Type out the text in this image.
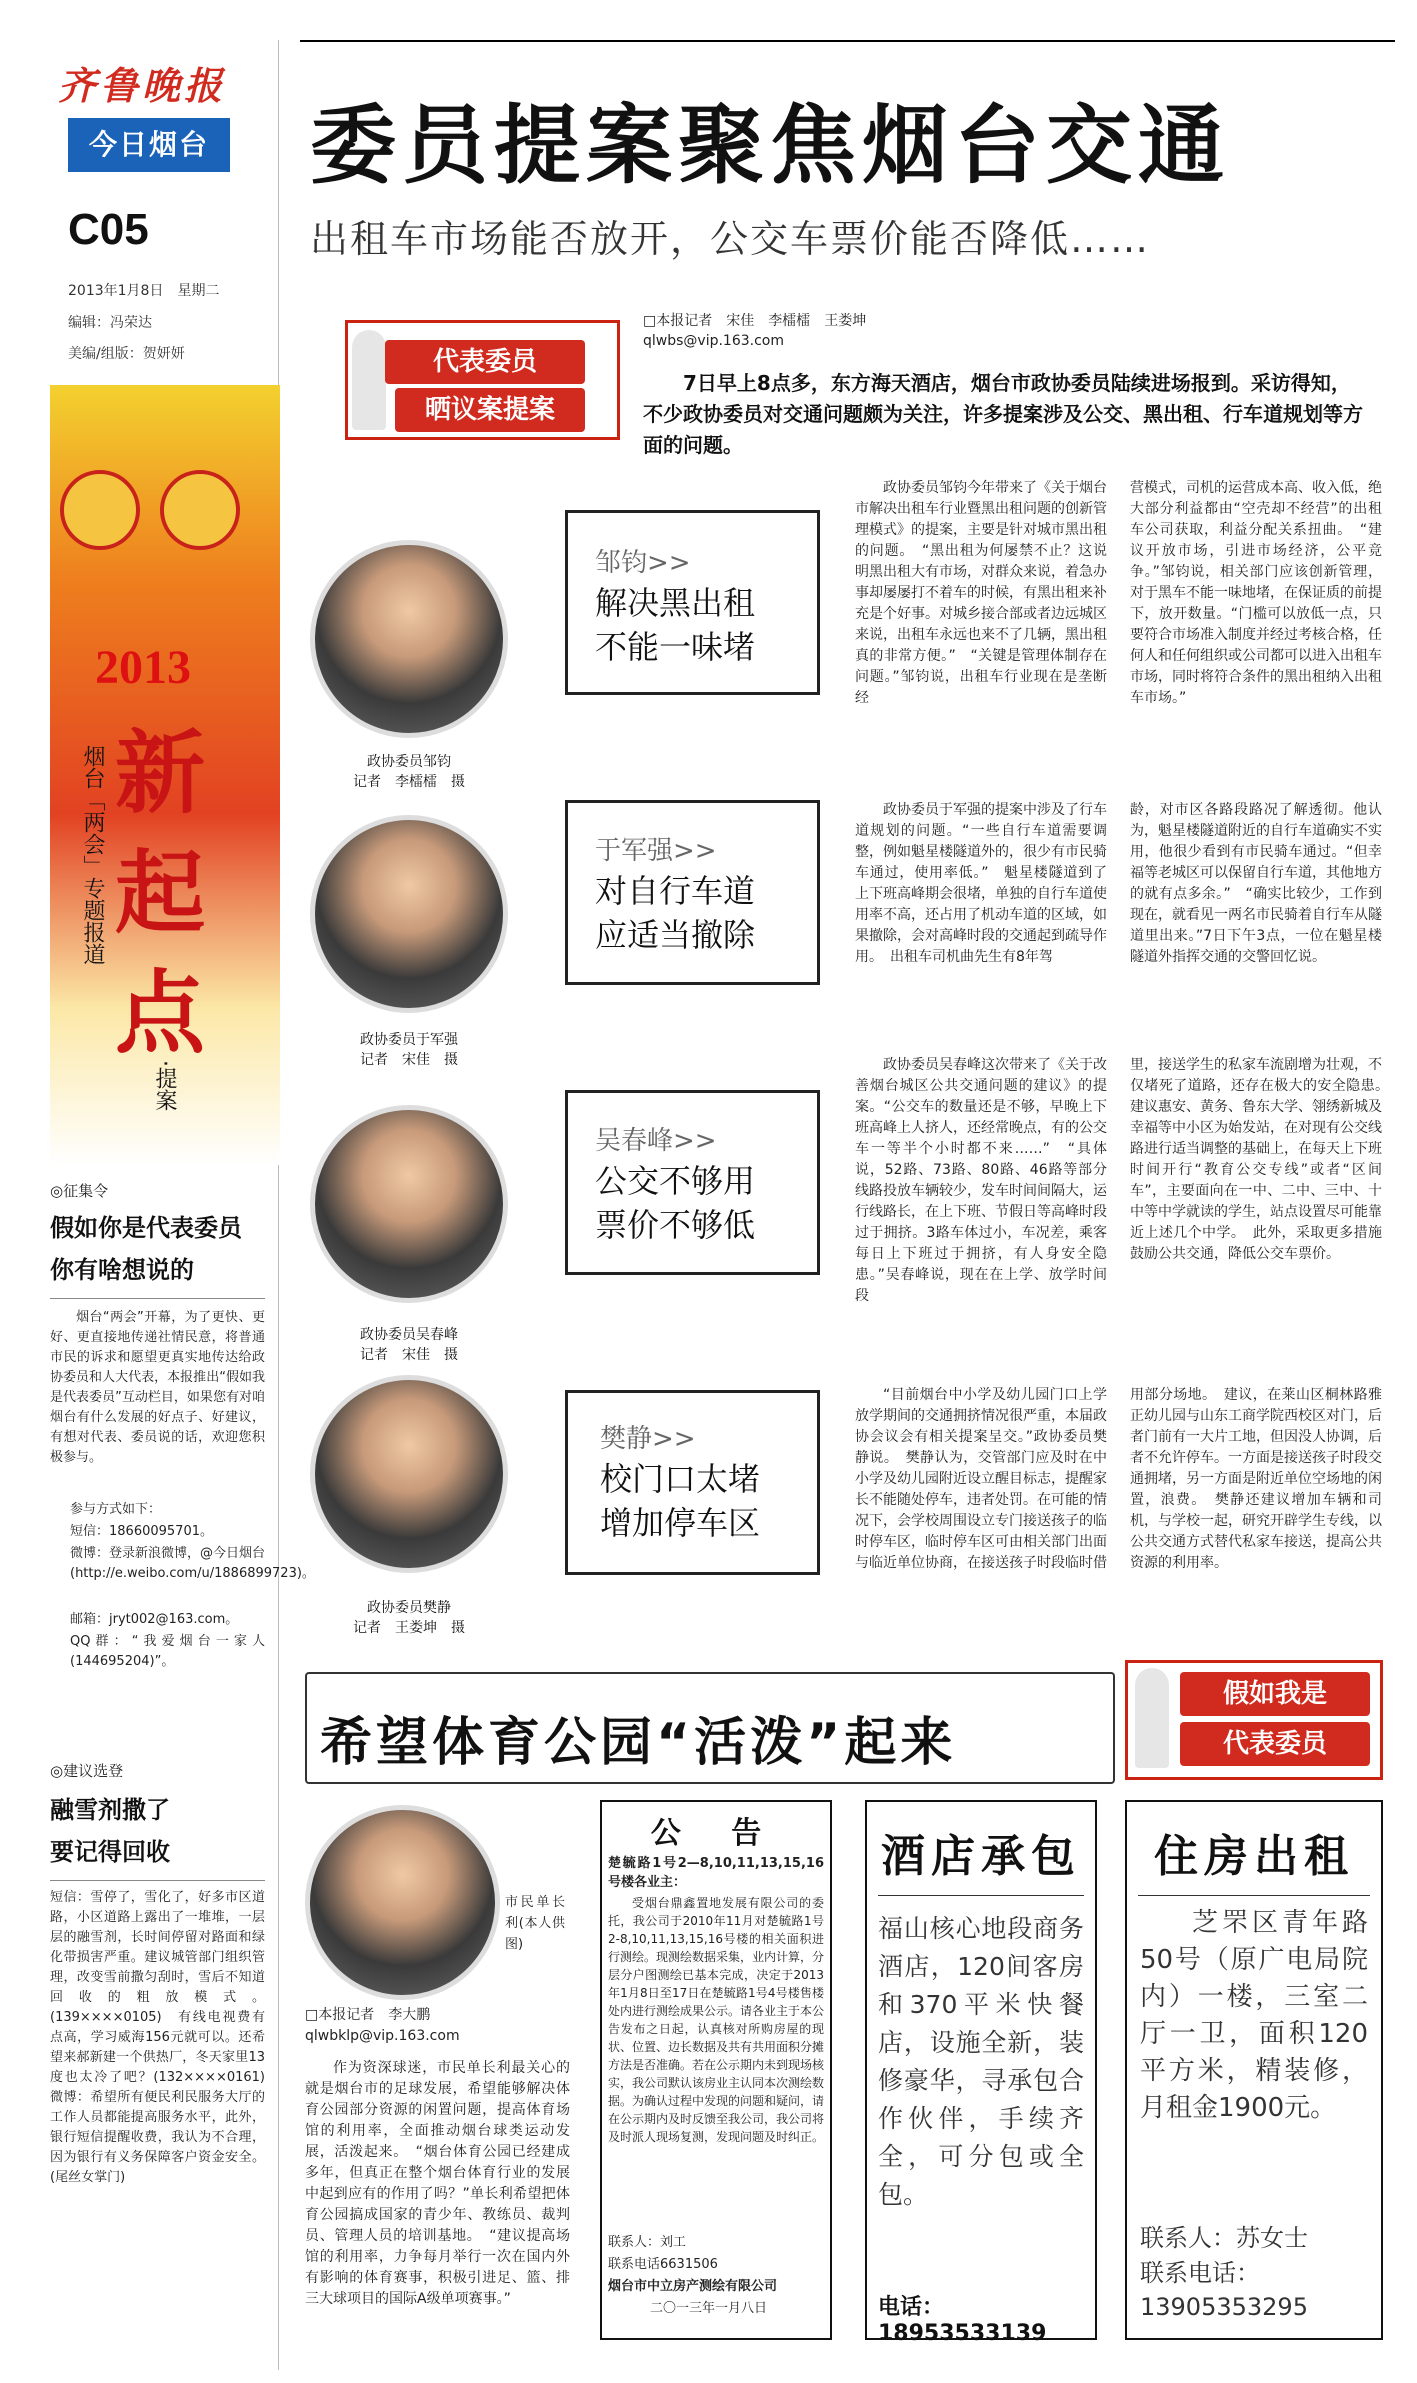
齐鲁晚报
今日烟台
C05
2013年1月8日　星期二
编辑：冯荣达
美编/组版：贺妍妍
委员提案聚焦烟台交通
出租车市场能否放开，公交车票价能否降低……
2013
新
起
点
烟台「两会」专题报道
·提案
◎征集令
假如你是代表委员
你有啥想说的
烟台“两会”开幕，为了更快、更好、更直接地传递社情民意，将普通市民的诉求和愿望更真实地传达给政协委员和人大代表，本报推出“假如我是代表委员”互动栏目，如果您有对咱烟台有什么发展的好点子、好建议，有想对代表、委员说的话，欢迎您积极参与。
参与方式如下：
短信：18660095701。
微博：登录新浪微博，@今日烟台(http://e.weibo.com/u/1886899723)。
邮箱：jryt002@163.com。
QQ群：“我爱烟台一家人(144695204)”。
◎建议选登
融雪剂撒了
要记得回收
短信：雪停了，雪化了，好多市区道路，小区道路上露出了一堆堆，一层层的融雪剂，长时间停留对路面和绿化带损害严重。建议城管部门组织管理，改变雪前撒匀刮时，雪后不知道回收的粗放模式。(139××××0105)　有线电视费有点高，学习威海156元就可以。还希望来郝新建一个供热厂，冬天家里13度也太冷了吧？(132××××0161)　微博：希望所有便民利民服务大厅的工作人员都能提高服务水平，此外，银行短信提醒收费，我认为不合理，因为银行有义务保障客户资金安全。(尾丝女掌门)
代表委员
晒议案提案
□本报记者　宋佳　李檑檑　王娄坤
qlwbs@vip.163.com
7日早上8点多，东方海天酒店，烟台市政协委员陆续进场报到。采访得知，不少政协委员对交通问题颇为关注，许多提案涉及公交、黑出租、行车道规划等方面的问题。
政协委员邹钧
记者　李檑檑　摄
邹钧>>
解决黑出租
不能一味堵
政协委员邹钧今年带来了《关于烟台市解决出租车行业暨黑出租问题的创新管理模式》的提案，主要是针对城市黑出租的问题。　“黑出租为何屡禁不止？这说明黑出租大有市场，对群众来说，着急办事却屡屡打不着车的时候，有黑出租来补充是个好事。对城乡接合部或者边远城区来说，出租车永远也来不了几辆，黑出租真的非常方便。”　“关键是管理体制存在问题。”邹钧说，出租车行业现在是垄断经
营模式，司机的运营成本高、收入低，绝大部分利益都由“空壳却不经营”的出租车公司获取，利益分配关系扭曲。　“建议开放市场，引进市场经济，公平竞争。”邹钧说，相关部门应该创新管理，对于黑车不能一味地堵，在保证质的前提下，放开数量。“门槛可以放低一点，只要符合市场准入制度并经过考核合格，任何人和任何组织或公司都可以进入出租车市场，同时将符合条件的黑出租纳入出租车市场。”
政协委员于军强
记者　宋佳　摄
于军强>>
对自行车道
应适当撤除
政协委员于军强的提案中涉及了行车道规划的问题。“一些自行车道需要调整，例如魁星楼隧道外的，很少有市民骑车通过，使用率低。”　魁星楼隧道到了上下班高峰期会很堵，单独的自行车道使用率不高，还占用了机动车道的区域，如果撤除，会对高峰时段的交通起到疏导作用。　出租车司机曲先生有8年驾
龄，对市区各路段路况了解透彻。他认为，魁星楼隧道附近的自行车道确实不实用，他很少看到有市民骑车通过。“但幸福等老城区可以保留自行车道，其他地方的就有点多余。”　“确实比较少，工作到现在，就看见一两名市民骑着自行车从隧道里出来。”7日下午3点，一位在魁星楼隧道外指挥交通的交警回忆说。
政协委员吴春峰
记者　宋佳　摄
吴春峰>>
公交不够用
票价不够低
政协委员吴春峰这次带来了《关于改善烟台城区公共交通问题的建议》的提案。“公交车的数量还是不够，早晚上下班高峰上人挤人，还经常晚点，有的公交车一等半个小时都不来……”　“具体说，52路、73路、80路、46路等部分线路投放车辆较少，发车时间间隔大，运行线路长，在上下班、节假日等高峰时段过于拥挤。3路车体过小，车况差，乘客每日上下班过于拥挤，有人身安全隐患。”吴春峰说，现在在上学、放学时间段
里，接送学生的私家车流剧增为壮观，不仅堵死了道路，还存在极大的安全隐患。　建议惠安、黄务、鲁东大学、翎绣新城及幸福等中小区为始发站，在对现有公交线路进行适当调整的基础上，在每天上下班时间开行“教育公交专线”或者“区间车”，主要面向在一中、二中、三中、十中等中学就读的学生，站点设置尽可能靠近上述几个中学。　此外，采取更多措施鼓励公共交通，降低公交车票价。
政协委员樊静
记者　王娄坤　摄
樊静>>
校门口太堵
增加停车区
“目前烟台中小学及幼儿园门口上学放学期间的交通拥挤情况很严重，本届政协会议会有相关提案呈交。”政协委员樊静说。　樊静认为，交管部门应及时在中小学及幼儿园附近设立醒目标志，提醒家长不能随处停车，违者处罚。在可能的情况下，会学校周围设立专门接送孩子的临时停车区，临时停车区可由相关部门出面与临近单位协商，在接送孩子时段临时借
用部分场地。　建议，在莱山区桐林路雅正幼儿园与山东工商学院西校区对门，后者门前有一大片工地，但因没人协调，后者不允许停车。一方面是接送孩子时段交通拥堵，另一方面是附近单位空场地的闲置，浪费。　樊静还建议增加车辆和司机，与学校一起，研究开辟学生专线，以公共交通方式替代私家车接送，提高公共资源的利用率。
希望体育公园“活泼”起来
假如我是
代表委员
市民单长利(本人供图)
□本报记者　李大鹏
qlwbklp@vip.163.com
作为资深球迷，市民单长利最关心的就是烟台市的足球发展，希望能够解决体育公园部分资源的闲置问题，提高体育场馆的利用率，全面推动烟台球类运动发展，活泼起来。　“烟台体育公园已经建成多年，但真正在整个烟台体育行业的发展中起到应有的作用了吗？”单长利希望把体育公园搞成国家的青少年、教练员、裁判员、管理人员的培训基地。　“建议提高场馆的利用率，力争每月举行一次在国内外有影响的体育赛事，积极引进足、篮、排三大球项目的国际A级单项赛事。”
公 告
楚毓路1号2—8,10,11,13,15,16号楼各业主：
受烟台鼎鑫置地发展有限公司的委托，我公司于2010年11月对楚毓路1号2-8,10,11,13,15,16号楼的相关面积进行测绘。现测绘数据采集，业内计算，分层分户图测绘已基本完成，决定于2013年1月8日至17日在楚毓路1号4号楼售楼处内进行测绘成果公示。请各业主于本公告发布之日起，认真核对所购房屋的现状、位置、边长数据及共有共用面积分摊方法是否准确。若在公示期内未到现场核实，我公司默认该房业主认同本次测绘数据。为确认过程中发现的问题和疑问，请在公示期内及时反馈至我公司，我公司将及时派人现场复测，发现问题及时纠正。
联系人：刘工
联系电话6631506
烟台市中立房产测绘有限公司
二〇一三年一月八日
酒店承包
福山核心地段商务酒店，120间客房和370平米快餐店，设施全新，装修豪华，寻承包合作伙伴，手续齐全，可分包或全包。
电话：18953533139
住房出租
芝罘区青年路50号（原广电局院内）一楼，三室二厅一卫，面积120平方米，精装修，月租金1900元。
联系人：苏女士
联系电话：13905353295
